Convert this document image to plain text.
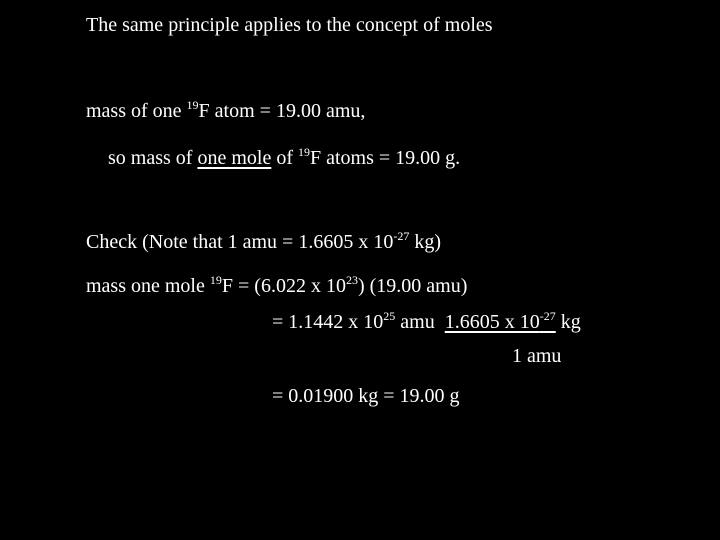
The same principle applies to the concept of moles
mass of one $^{19}$F atom = 19.00 amu,
so mass of one mole of $^{19}$F atoms = 19.00 g.
Check (Note that 1 amu = 1.6605 x $10^{-27}$ kg)
mass one mole $^{19}$F = (6.022 x $10^{23}$) (19.00 amu)
= 1.1442 x $10^{25}$ amu  1.6605 x $10^{-27}$ kg
1 amu
= 0.01900 kg = 19.00 g
